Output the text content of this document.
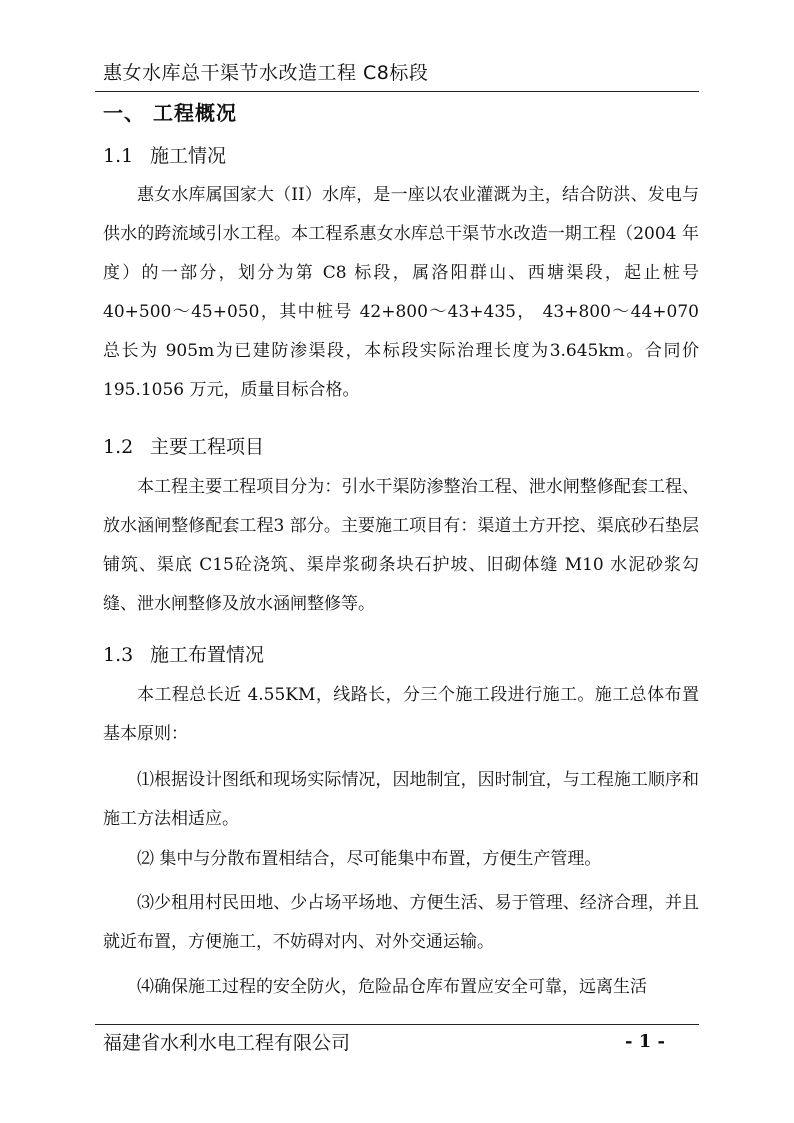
惠女水库总干渠节水改造工程 C8标段
一、 工程概况
1.1 施工情况

惠女水库属国家大（II）水库，是一座以农业灌溉为主，结合防洪、发电与供水的跨流域引水工程。本工程系惠女水库总干渠节水改造一期工程（2004 年度）的一部分，划分为第 C8 标段，属洛阳群山、西塘渠段，起止桩号 40+500～45+050，其中桩号 42+800～43+435， 43+800～44+070 总长为 905m为已建防渗渠段，本标段实际治理长度为3.645km。合同价 195.1056 万元，质量目标合格。

1.2 主要工程项目

本工程主要工程项目分为：引水干渠防渗整治工程、泄水闸整修配套工程、放水涵闸整修配套工程3 部分。主要施工项目有：渠道土方开挖、渠底砂石垫层铺筑、渠底 C15砼浇筑、渠岸浆砌条块石护坡、旧砌体缝 M10 水泥砂浆勾缝、泄水闸整修及放水涵闸整修等。

1.3 施工布置情况

本工程总长近 4.55KM，线路长，分三个施工段进行施工。施工总体布置基本原则：

⑴根据设计图纸和现场实际情况，因地制宜，因时制宜，与工程施工顺序和施工方法相适应。

⑵ 集中与分散布置相结合，尽可能集中布置，方便生产管理。

⑶少租用村民田地、少占场平场地、方便生活、易于管理、经济合理，并且就近布置，方便施工，不妨碍对内、对外交通运输。

⑷确保施工过程的安全防火，危险品仓库布置应安全可靠，远离生活

福建省水利水电工程有限公司	- 1 -
